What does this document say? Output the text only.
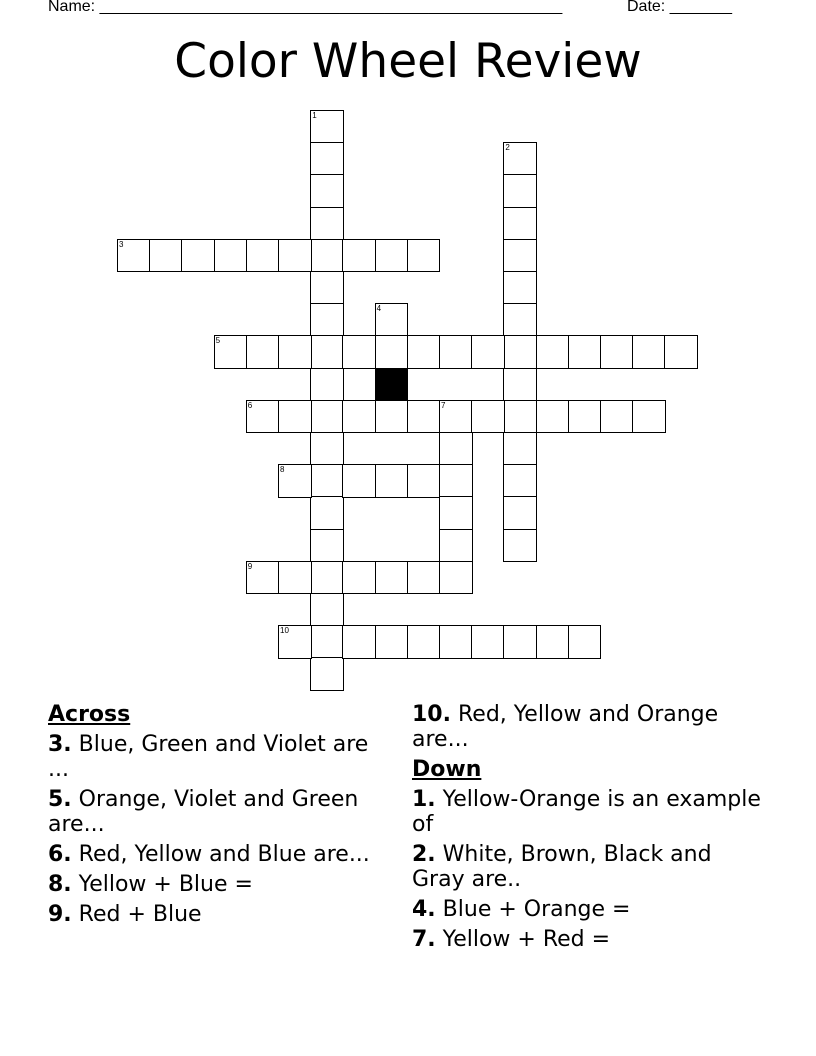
Name: ____________________________________________________	Date: _______
Color Wheel Review
1
2
3
4
5
6	7
8
9
10
Across
3. Blue, Green and Violet are ...
5. Orange, Violet and Green are...
6. Red, Yellow and Blue are...
8. Yellow + Blue =
9. Red + Blue
10. Red, Yellow and Orange are...
Down
1. Yellow-Orange is an example of
2. White, Brown, Black and Gray are..
4. Blue + Orange =
7. Yellow + Red =
